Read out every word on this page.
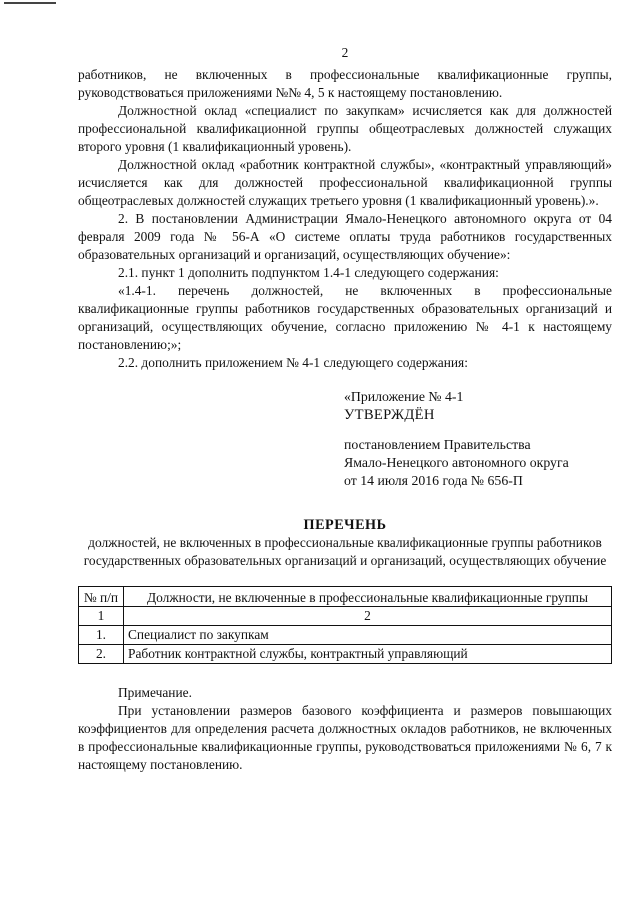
2

работников, не включенных в профессиональные квалификационные группы, руководствоваться приложениями №№ 4, 5 к настоящему постановлению.

Должностной оклад «специалист по закупкам» исчисляется как для должностей профессиональной квалификационной группы общеотраслевых должностей служащих второго уровня (1 квалификационный уровень).

Должностной оклад «работник контрактной службы», «контрактный управляющий» исчисляется как для должностей профессиональной квалификационной группы общеотраслевых должностей служащих третьего уровня (1 квалификационный уровень).».

2. В постановлении Администрации Ямало-Ненецкого автономного округа от 04 февраля 2009 года № 56-А «О системе оплаты труда работников государственных образовательных организаций и организаций, осуществляющих обучение»:

2.1. пункт 1 дополнить подпунктом 1.4-1 следующего содержания:

«1.4-1. перечень должностей, не включенных в профессиональные квалификационные группы работников государственных образовательных организаций и организаций, осуществляющих обучение, согласно приложению № 4-1 к настоящему постановлению;»;

2.2. дополнить приложением № 4-1 следующего содержания:

«Приложение № 4-1
УТВЕРЖДЁН
постановлением Правительства
Ямало-Ненецкого автономного округа
от 14 июля 2016 года № 656-П
ПЕРЕЧЕНЬ
должностей, не включенных в профессиональные квалификационные группы работников государственных образовательных организаций и организаций, осуществляющих обучение
№ п/п	Должности, не включенные в профессиональные квалификационные группы
1	2
1.	Специалист по закупкам
2.	Работник контрактной службы, контрактный управляющий

Примечание.

При установлении размеров базового коэффициента и размеров повышающих коэффициентов для определения расчета должностных окладов работников, не включенных в профессиональные квалификационные группы, руководствоваться приложениями № 6, 7 к настоящему постановлению.
